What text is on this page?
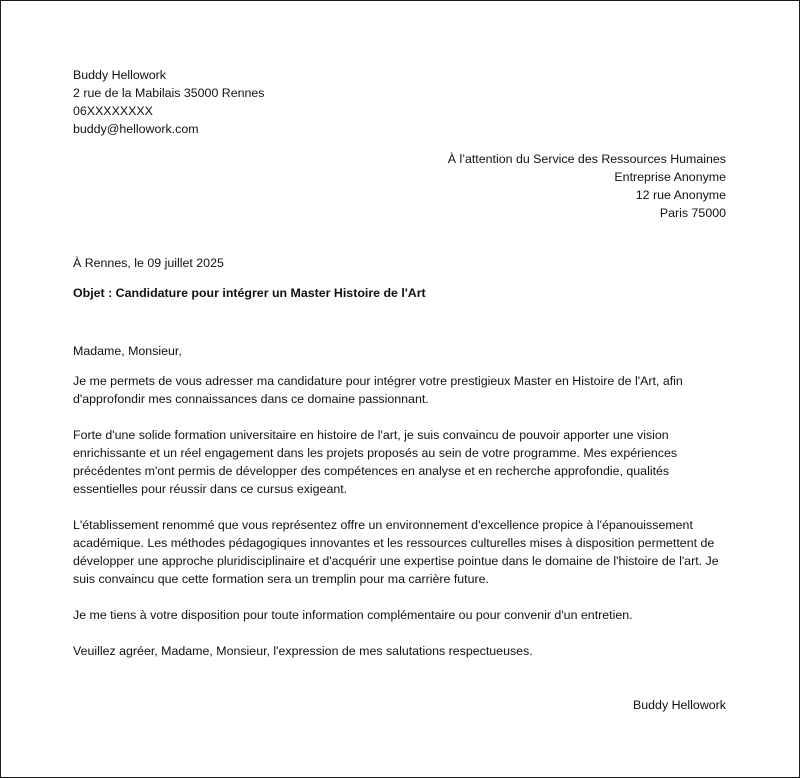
Buddy Hellowork
2 rue de la Mabilais 35000 Rennes
06XXXXXXXX
buddy@hellowork.com
À l’attention du Service des Ressources Humaines
Entreprise Anonyme
12 rue Anonyme
Paris 75000
À Rennes, le 09 juillet 2025
Objet : Candidature pour intégrer un Master Histoire de l'Art
Madame, Monsieur,

Je me permets de vous adresser ma candidature pour intégrer votre prestigieux Master en Histoire de l'Art, afin d'approfondir mes connaissances dans ce domaine passionnant.

Forte d'une solide formation universitaire en histoire de l'art, je suis convaincu de pouvoir apporter une vision enrichissante et un réel engagement dans les projets proposés au sein de votre programme. Mes expériences précédentes m'ont permis de développer des compétences en analyse et en recherche approfondie, qualités essentielles pour réussir dans ce cursus exigeant.

L'établissement renommé que vous représentez offre un environnement d'excellence propice à l'épanouissement académique. Les méthodes pédagogiques innovantes et les ressources culturelles mises à disposition permettent de développer une approche pluridisciplinaire et d'acquérir une expertise pointue dans le domaine de l'histoire de l'art. Je suis convaincu que cette formation sera un tremplin pour ma carrière future.

Je me tiens à votre disposition pour toute information complémentaire ou pour convenir d'un entretien.

Veuillez agréer, Madame, Monsieur, l'expression de mes salutations respectueuses.
Buddy Hellowork
